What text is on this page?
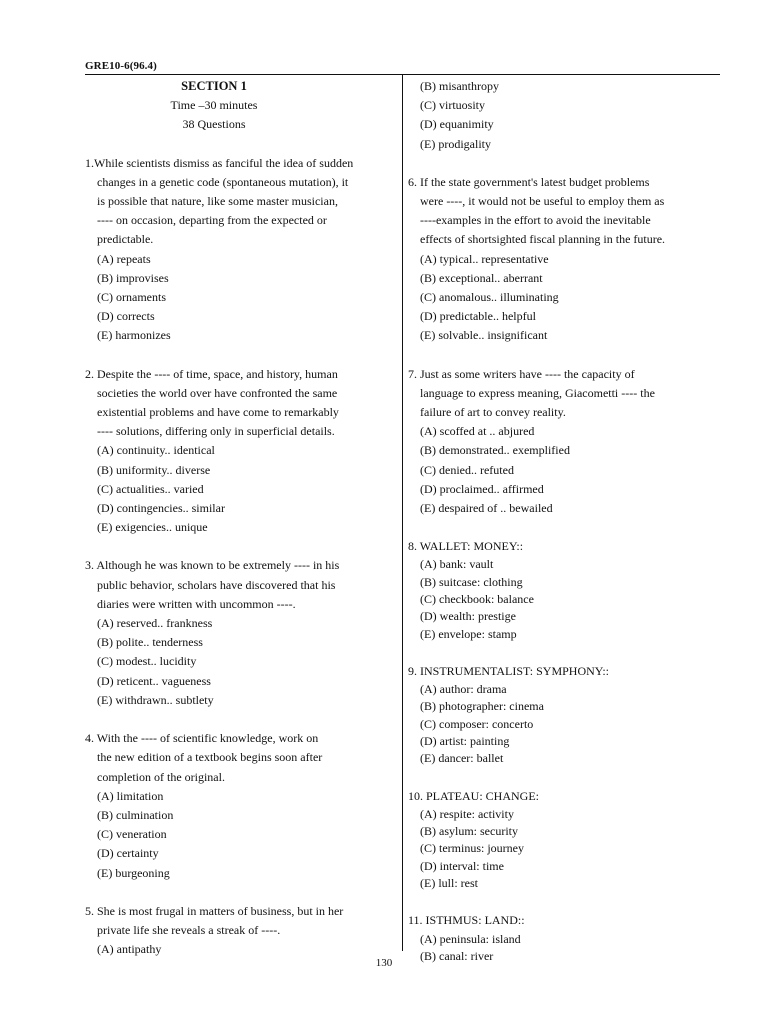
GRE10-6(96.4)
SECTION 1
Time –30 minutes
38 Questions
1.While scientists dismiss as fanciful the idea of sudden
changes in a genetic code (spontaneous mutation), it
is possible that nature, like some master musician,
---- on occasion, departing from the expected or
predictable.
(A) repeats
(B) improvises
(C) ornaments
(D) corrects
(E) harmonizes
2. Despite the ---- of time, space, and history, human
societies the world over have confronted the same
existential problems and have come to remarkably
---- solutions, differing only in superficial details.
(A) continuity.. identical
(B) uniformity.. diverse
(C) actualities.. varied
(D) contingencies.. similar
(E) exigencies.. unique
3. Although he was known to be extremely ---- in his
public behavior, scholars have discovered that his
diaries were written with uncommon ----.
(A) reserved.. frankness
(B) polite.. tenderness
(C) modest.. lucidity
(D) reticent.. vagueness
(E) withdrawn.. subtlety
4. With the ---- of scientific knowledge, work on
the new edition of a textbook begins soon after
completion of the original.
(A) limitation
(B) culmination
(C) veneration
(D) certainty
(E) burgeoning
5. She is most frugal in matters of business, but in her
private life she reveals a streak of ----.
(A) antipathy
(B) misanthropy
(C) virtuosity
(D) equanimity
(E) prodigality
6. If the state government's latest budget problems
were ----, it would not be useful to employ them as
----examples in the effort to avoid the inevitable
effects of shortsighted fiscal planning in the future.
(A) typical.. representative
(B) exceptional.. aberrant
(C) anomalous.. illuminating
(D) predictable.. helpful
(E) solvable.. insignificant
7. Just as some writers have ---- the capacity of
language to express meaning, Giacometti ---- the
failure of art to convey reality.
(A) scoffed at .. abjured
(B) demonstrated.. exemplified
(C) denied.. refuted
(D) proclaimed.. affirmed
(E) despaired of .. bewailed
8. WALLET: MONEY::
(A) bank: vault
(B) suitcase: clothing
(C) checkbook: balance
(D) wealth: prestige
(E) envelope: stamp
9. INSTRUMENTALIST: SYMPHONY::
(A) author: drama
(B) photographer: cinema
(C) composer: concerto
(D) artist: painting
(E) dancer: ballet
10. PLATEAU: CHANGE:
(A) respite: activity
(B) asylum: security
(C) terminus: journey
(D) interval: time
(E) lull: rest
11. ISTHMUS: LAND::
(A) peninsula: island
(B) canal: river
130
